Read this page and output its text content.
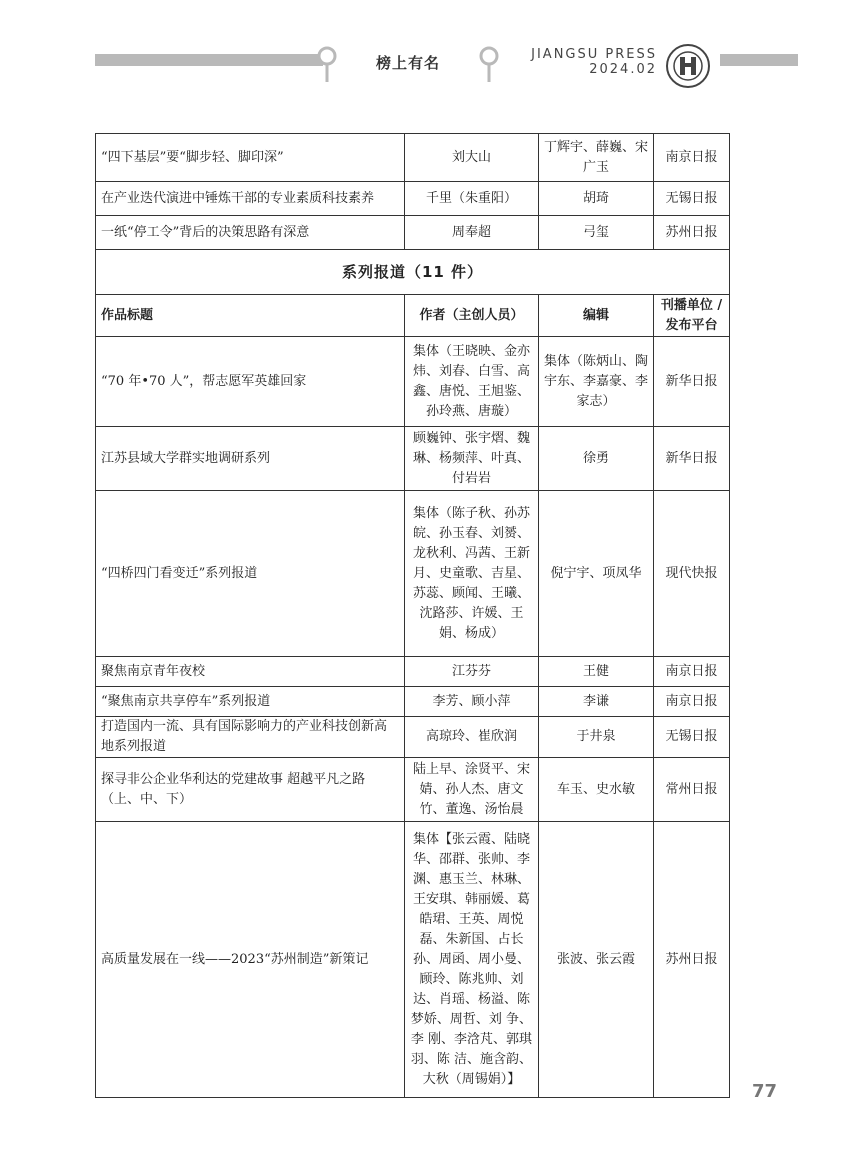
榜上有名	JIANGSU PRESS
2024.02
“四下基层”要“脚步轻、脚印深”	刘大山	丁辉宇、薛巍、宋广玉	南京日报
在产业迭代演进中锤炼干部的专业素质科技素养	千里（朱重阳）	胡琦	无锡日报
一纸“停工令”背后的决策思路有深意	周奉超	弓玺	苏州日报
系列报道（11 件）			
作品标题	作者（主创人员）	编辑	刊播单位 / 发布平台
“70 年•70 人”，帮志愿军英雄回家	集体（王晓映、金亦炜、刘春、白雪、高鑫、唐悦、王旭鉴、孙玲燕、唐璇）	集体（陈炳山、陶宇东、李嘉豪、李家志）	新华日报
江苏县域大学群实地调研系列	顾巍钟、张宇熠、魏琳、杨频萍、叶真、付岩岩	徐勇	新华日报
“四桥四门看变迁”系列报道	集体（陈子秋、孙苏皖、孙玉春、刘赟、龙秋利、冯茜、王新月、史童歌、吉星、苏蕊、顾闻、王曦、沈路莎、许媛、王娟、杨成）	倪宁宇、项凤华	现代快报
聚焦南京青年夜校	江芬芬	王健	南京日报
“聚焦南京共享停车”系列报道	李芳、顾小萍	李谦	南京日报
打造国内一流、具有国际影响力的产业科技创新高地系列报道	高琼玲、崔欣润	于井泉	无锡日报
探寻非公企业华利达的党建故事 超越平凡之路（上、中、下）	陆上早、涂贤平、宋婧、孙人杰、唐文竹、董逸、汤怡晨	车玉、史水敏	常州日报
高质量发展在一线——2023“苏州制造”新策记	集体【张云霞、陆晓华、邵群、张帅、李渊、惠玉兰、林琳、王安琪、韩丽媛、葛皓珺、王英、周悦磊、朱新国、占长孙、周函、周小曼、顾玲、陈兆帅、刘达、肖瑶、杨溢、陈梦娇、周哲、刘 争、李 刚、李浛芃、郭琪羽、陈 洁、施含韵、大秋（周锡娟）】	张波、张云霞	苏州日报
77
